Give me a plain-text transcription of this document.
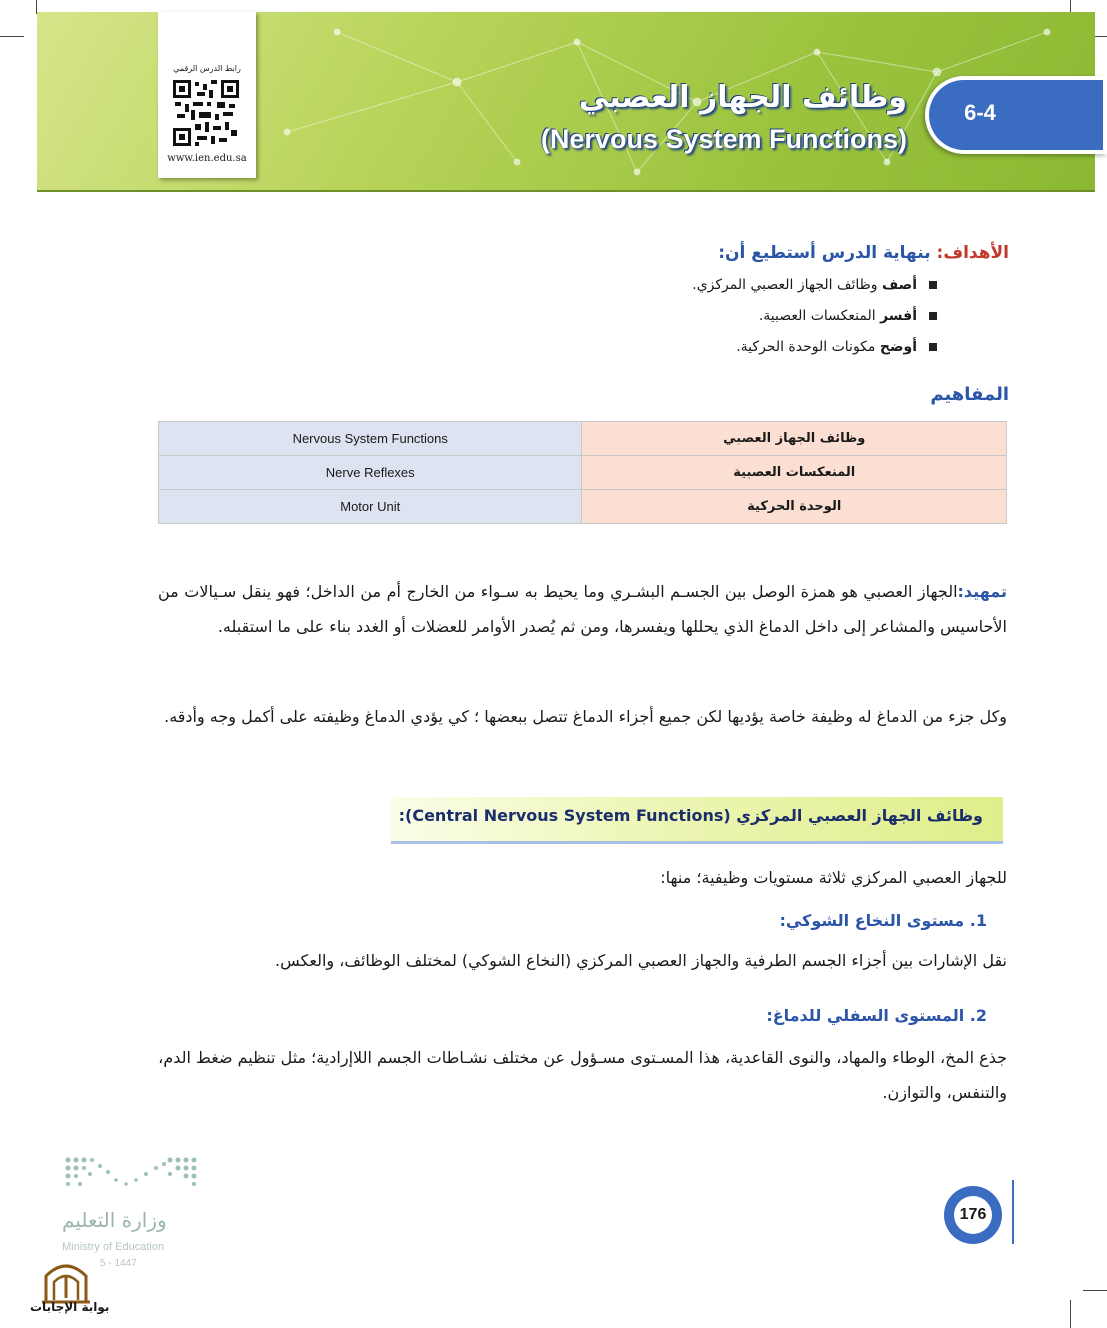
رابط الدرس الرقمي
www.ien.edu.sa
6-4
وظائف الجهاز العصبي
(Nervous System Functions)
الأهداف: بنهاية الدرس أستطيع أن:
أصف وظائف الجهاز العصبي المركزي.
أفسر المنعكسات العصبية.
أوضح مكونات الوحدة الحركية.
المفاهيم
Nervous System Functions	وظائف الجهاز العصبي
Nerve Reflexes	المنعكسات العصبية
Motor Unit	الوحدة الحركية
تمهيد:الجهاز العصبي هو همزة الوصل بين الجسـم البشـري وما يحيط به سـواء من الخارج أم من الداخل؛ فهو ينقل سـيالات من الأحاسيس والمشاعر إلى داخل الدماغ الذي يحللها ويفسرها، ومن ثم يُصدر الأوامر للعضلات أو الغدد بناء على ما استقبله.
وكل جزء من الدماغ له وظيفة خاصة يؤديها لكن جميع أجزاء الدماغ تتصل ببعضها ؛ كي يؤدي الدماغ وظيفته على أكمل وجه وأدقه.
وظائف الجهاز العصبي المركزي (Central Nervous System Functions):
للجهاز العصبي المركزي ثلاثة مستويات وظيفية؛ منها:
1. مستوى النخاع الشوكي:
نقل الإشارات بين أجزاء الجسم الطرفية والجهاز العصبي المركزي (النخاع الشوكي) لمختلف الوظائف، والعكس.
2. المستوى السفلي للدماغ:
جذع المخ، الوطاء والمهاد، والنوى القاعدية، هذا المسـتوى مسـؤول عن مختلف نشـاطات الجسم اللاإرادية؛ مثل تنظيم ضغط الدم، والتنفس، والتوازن.
وزارة التعليم
Ministry of Education
5 - 1447
بوابة الإجابات
176
